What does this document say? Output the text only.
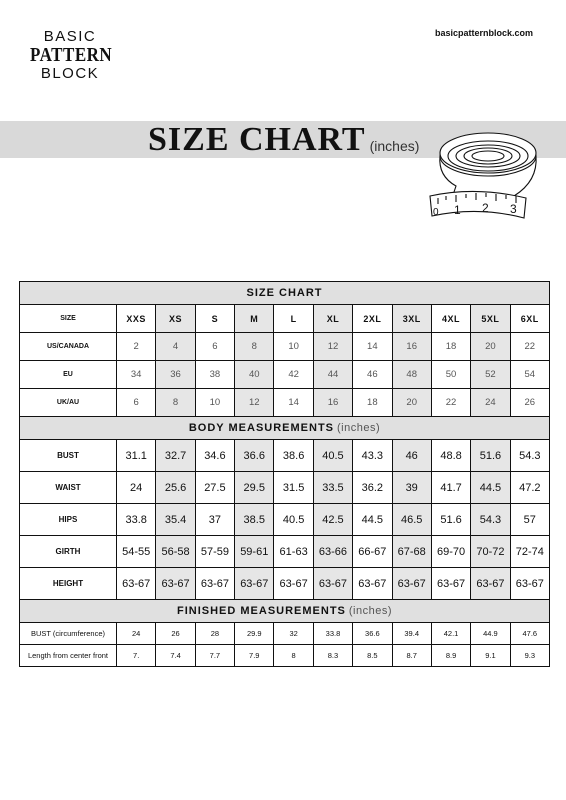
BASIC
PATTERN
BLOCK
basicpatternblock.com
SIZE CHART (inches)
1 2 3
0
SIZE CHART											
SIZE	XXS	XS	S	M	L	XL	2XL	3XL	4XL	5XL	6XL
US/CANADA	2	4	6	8	10	12	14	16	18	20	22
EU	34	36	38	40	42	44	46	48	50	52	54
UK/AU	6	8	10	12	14	16	18	20	22	24	26
BODY MEASUREMENTS (inches)											
BUST	31.1	32.7	34.6	36.6	38.6	40.5	43.3	46	48.8	51.6	54.3
WAIST	24	25.6	27.5	29.5	31.5	33.5	36.2	39	41.7	44.5	47.2
HIPS	33.8	35.4	37	38.5	40.5	42.5	44.5	46.5	51.6	54.3	57
GIRTH	54-55	56-58	57-59	59-61	61-63	63-66	66-67	67-68	69-70	70-72	72-74
HEIGHT	63-67	63-67	63-67	63-67	63-67	63-67	63-67	63-67	63-67	63-67	63-67
FINISHED MEASUREMENTS (inches)											
BUST (circumference)	24	26	28	29.9	32	33.8	36.6	39.4	42.1	44.9	47.6
Length from center front	7.	7.4	7.7	7.9	8	8.3	8.5	8.7	8.9	9.1	9.3
